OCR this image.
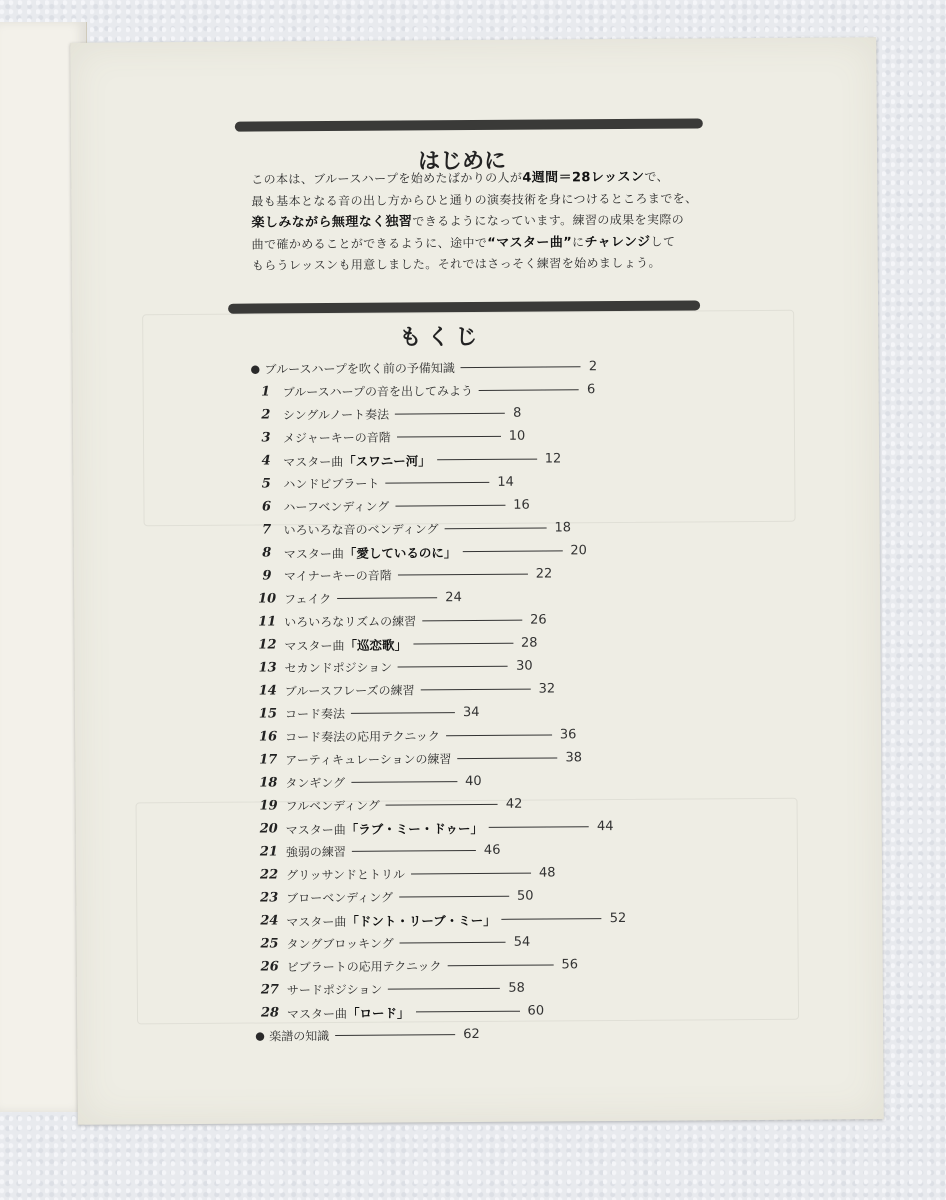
はじめに

この本は、ブルースハープを始めたばかりの人が4週間＝28レッスンで、

最も基本となる音の出し方からひと通りの演奏技術を身につけるところまでを、

楽しみながら無理なく独習できるようになっています。練習の成果を実際の

曲で確かめることができるように、途中で“マスター曲”にチャレンジして

もらうレッスンも用意しました。それではさっそく練習を始めましょう。

もくじ
● ブルースハープを吹く前の予備知識	2
1	ブルースハープの音を出してみよう	6
2	シングルノート奏法	8
3	メジャーキーの音階	10
4	マスター曲「スワニー河」	12
5	ハンドビブラート	14
6	ハーフベンディング	16
7	いろいろな音のベンディング	18
8	マスター曲「愛しているのに」	20
9	マイナーキーの音階	22
10 フェイク	24
11 いろいろなリズムの練習	26
12 マスター曲「巡恋歌」	28
13 セカンドポジション	30
14 ブルースフレーズの練習	32
15 コード奏法	34
16 コード奏法の応用テクニック	36
17 アーティキュレーションの練習	38
18 タンギング	40
19 フルベンディング	42
20 マスター曲「ラブ・ミー・ドゥー」	44
21 強弱の練習	46
22 グリッサンドとトリル	48
23 ブローベンディング	50
24 マスター曲「ドント・リーブ・ミー」	52
25 タングブロッキング	54
26 ビブラートの応用テクニック	56
27 サードポジション	58
28 マスター曲「ロード」	60
● 楽譜の知識	62
